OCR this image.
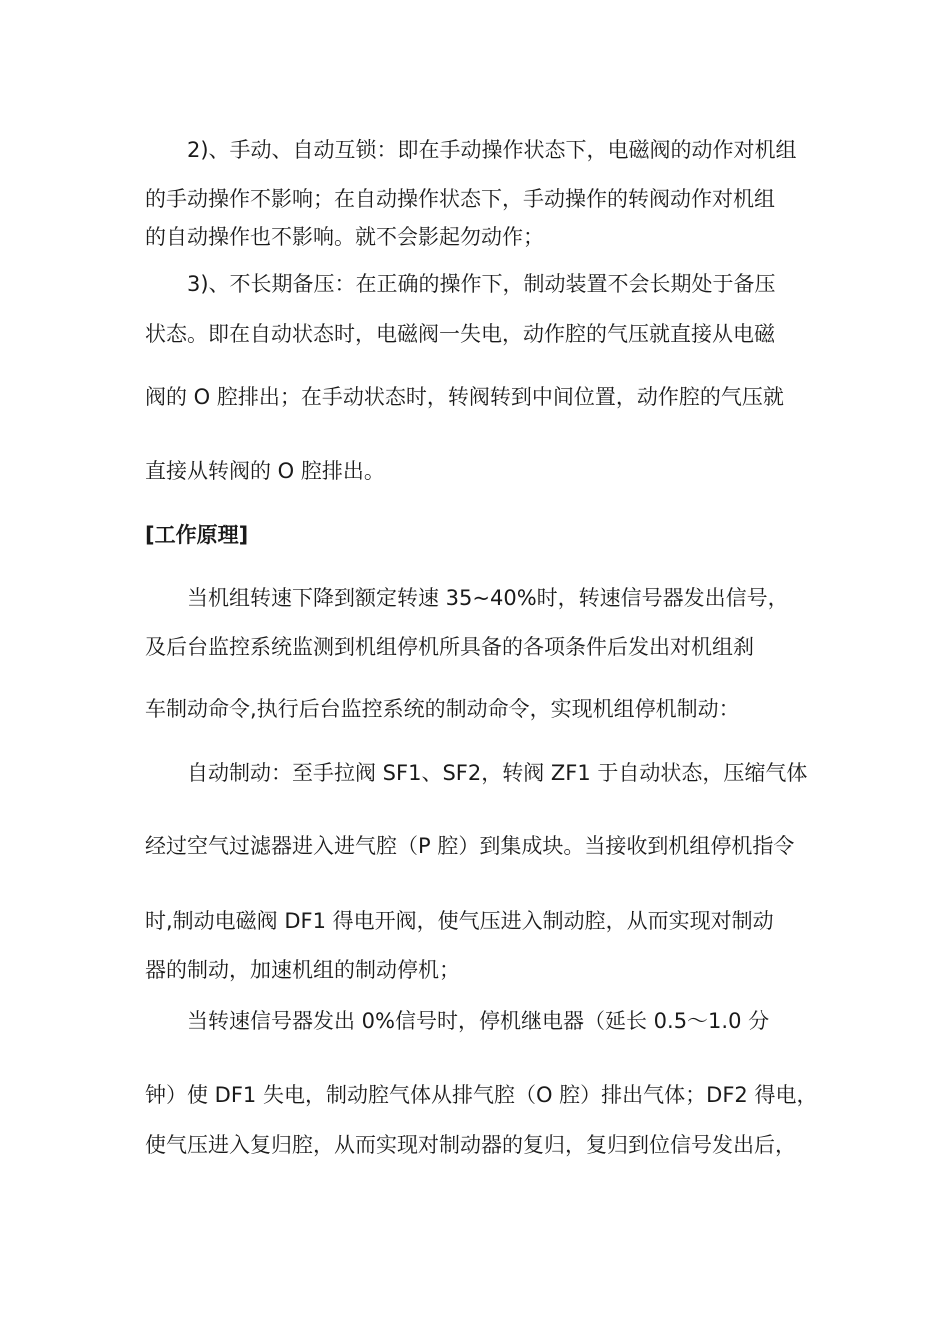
2)、手动、自动互锁：即在手动操作状态下，电磁阀的动作对机组
的手动操作不影响；在自动操作状态下，手动操作的转阀动作对机组
的自动操作也不影响。就不会影起勿动作；
3)、不长期备压：在正确的操作下，制动装置不会长期处于备压
状态。即在自动状态时，电磁阀一失电，动作腔的气压就直接从电磁
阀的 O 腔排出；在手动状态时，转阀转到中间位置，动作腔的气压就
直接从转阀的 O 腔排出。
[工作原理]
当机组转速下降到额定转速 35~40%时，转速信号器发出信号，
及后台监控系统监测到机组停机所具备的各项条件后发出对机组刹
车制动命令,执行后台监控系统的制动命令，实现机组停机制动：
自动制动：至手拉阀 SF1、SF2，转阀 ZF1 于自动状态，压缩气体
经过空气过滤器进入进气腔（P 腔）到集成块。当接收到机组停机指令
时,制动电磁阀 DF1 得电开阀，使气压进入制动腔，从而实现对制动
器的制动，加速机组的制动停机；
当转速信号器发出 0%信号时，停机继电器（延长 0.5～1.0 分
钟）使 DF1 失电，制动腔气体从排气腔（O 腔）排出气体；DF2 得电，
使气压进入复归腔，从而实现对制动器的复归，复归到位信号发出后，
